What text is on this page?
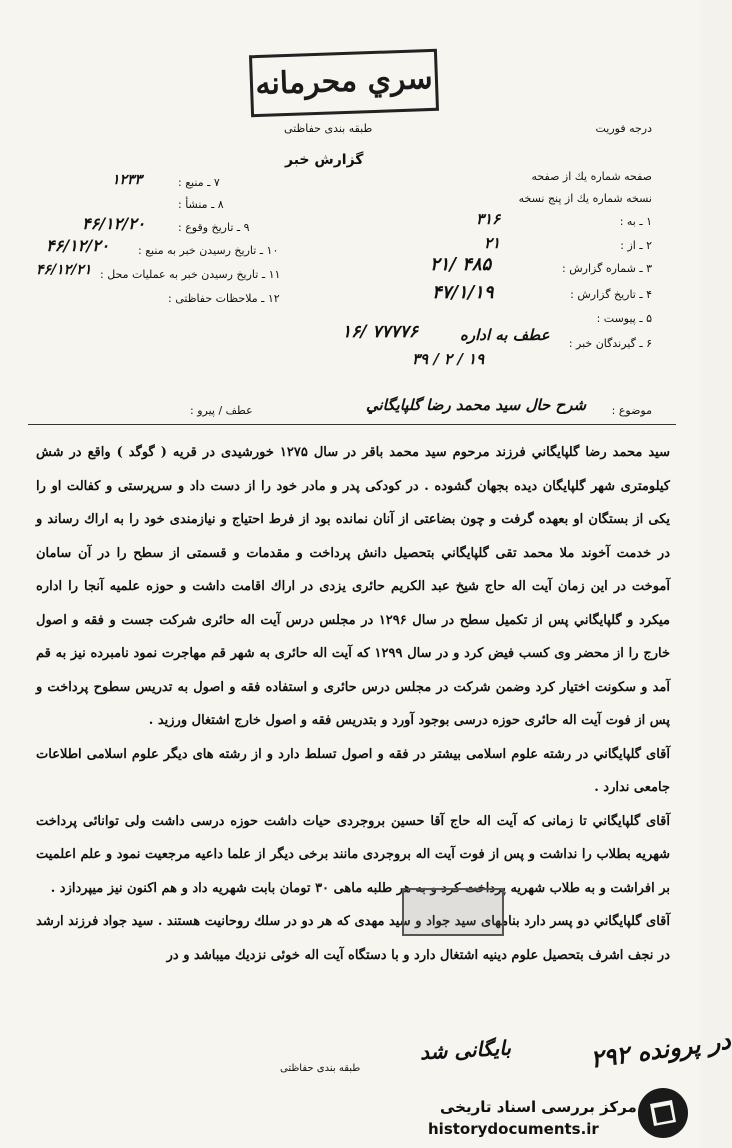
سري محرمانه
طبقه بندی حفاظتی	درجه فوريت
گزارش خبر
صفحه شماره يك از صفحه
نسخه شماره يك از پنج نسخه
۱ ـ به :
۳۱۶
۲ ـ از :
۲۱
۳ ـ شماره گزارش :
۲۱/ ۴۸۵
۴ ـ تاريخ گزارش :
۴۷/۱/۱۹
۵ ـ پيوست :
۶ ـ گيرندگان خبر :
۱۶/ ۷۷۷۷۶	عطف به اداره
۳۹ / ۲ / ۱۹
۷ ـ منبع :
۱۲۳۳
۸ ـ منشأ :
۹ ـ تاريخ وقوع :
۴۶/۱۲/۲۰
۱۰ ـ تاريخ رسيدن خبر به منبع :
۴۶/۱۲/۲۰
۱۱ ـ تاريخ رسيدن خبر به عمليات محل :
۴۶/۱۲/۲۱
۱۲ ـ ملاحظات حفاظتی :
موضوع :
شرح حال سيد محمد رضا گلپايگاني
عطف / پيرو :

سيد محمد رضا گلپايگاني فرزند مرحوم سيد محمد باقر در سال ۱۲۷۵ خورشيدی در قريه ( گوگد ) واقع در شش كيلومتری شهر گلپايگان ديده بجهان گشوده . در كودكی پدر و مادر خود را از دست داد و سرپرستی و كفالت او را يكی از بستگان او بعهده گرفت و چون بضاعتی از آنان نمانده بود از فرط احتياج و نيازمندی خود را به اراك رساند و در خدمت آخوند ملا محمد تقی گلپايگاني بتحصيل دانش پرداخت و مقدمات و قسمتی از سطح را در آن سامان آموخت در اين زمان آيت اله حاج شيخ عبد الكريم حائری يزدی در اراك اقامت داشت و حوزه علميه آنجا را اداره ميكرد و گلپايگاني پس از تكميل سطح در سال ۱۲۹۶ در مجلس درس آيت اله حائری شركت جست و فقه و اصول خارج را از محضر وی كسب فيض كرد و در سال ۱۲۹۹ كه آيت اله حائری به شهر قم مهاجرت نمود نامبرده نيز به قم آمد و سكونت اختيار كرد وضمن شركت در مجلس درس حائری و استفاده فقه و اصول به تدريس سطوح پرداخت و پس از فوت آيت اله حائری حوزه درسی بوجود آورد و بتدريس فقه و اصول خارج اشتغال ورزيد .

آقای گلپايگاني در رشته علوم اسلامی بيشتر در فقه و اصول تسلط دارد و از رشته های ديگر علوم اسلامی اطلاعات جامعی ندارد .

آقای گلپايگاني تا زمانی كه آيت اله حاج آقا حسين بروجردی حيات داشت حوزه درسی داشت ولی توانائی پرداخت شهريه بطلاب را نداشت و پس از فوت آيت اله بروجردی مانند برخی ديگر از علما داعيه مرجعيت نمود و علم اعلميت بر افراشت و به طلاب شهريه پرداخت كرد و به هر طلبه ماهی ۳۰ تومان بابت شهريه داد و هم اكنون نيز ميپردازد .

آقای گلپايگاني دو پسر دارد بنامهای سيد جواد و سيد مهدی كه هر دو در سلك روحانيت هستند . سيد جواد فرزند ارشد در نجف اشرف بتحصيل علوم دينيه اشتغال دارد و با دستگاه آيت اله خوئی نزديك ميباشد و در

طبقه بندی حفاظتی
بايگانی شد	در پرونده ۲۹۲
مرکز بررسی اسناد تاریخی
historydocuments.ir
